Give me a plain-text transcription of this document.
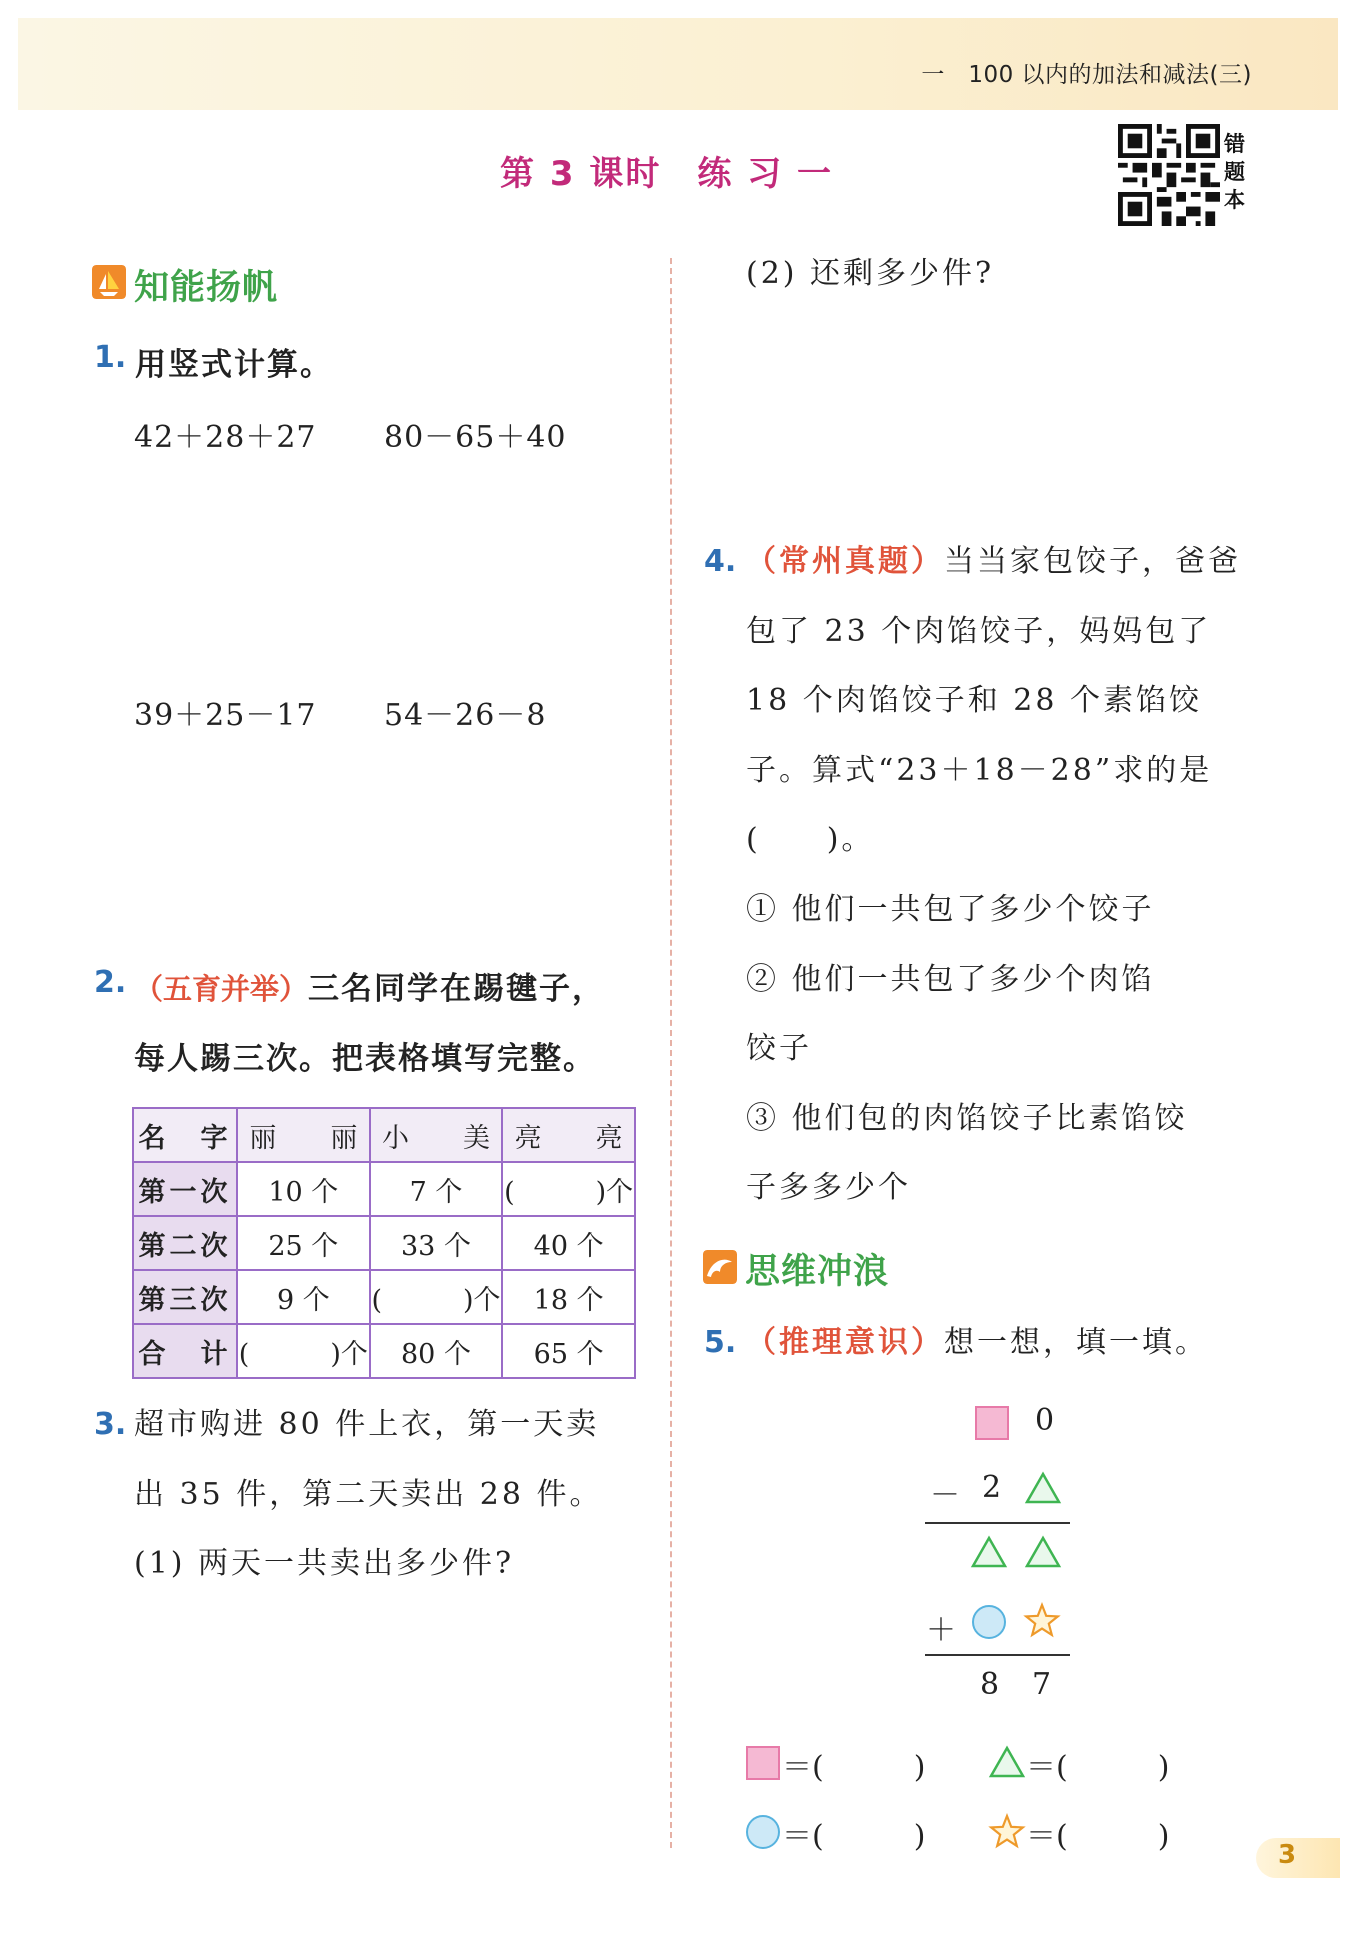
一　100 以内的加法和减法(三)
第 3 课时　练 习 一
错
题
本
知能扬帆
1. 用竖式计算。
42＋28＋27 80－65＋40
39＋25－17 54－26－8
2. （五育并举）三名同学在踢毽子，
每人踢三次。把表格填写完整。
名　字	丽　　丽	小　　美	亮　　亮
第一次	10 个	7 个	(　　　)个
第二次	25 个	33 个	40 个
第三次	9 个	(　　　)个	18 个
合　计	(　　　)个	80 个	65 个
3. 超市购进 80 件上衣，第一天卖
出 35 件，第二天卖出 28 件。
(1) 两天一共卖出多少件?
(2) 还剩多少件?
4. （常州真题）当当家包饺子，爸爸
包了 23 个肉馅饺子，妈妈包了
18 个肉馅饺子和 28 个素馅饺
子。算式“23＋18－28”求的是
(　　)。
① 他们一共包了多少个饺子
② 他们一共包了多少个肉馅
饺子
③ 他们包的肉馅饺子比素馅饺
子多多少个
思维冲浪
5. （推理意识）想一想，填一填。
0
－ 2
＋
8 7
＝(　　　)	＝(　　　)
＝(　　　)	＝(　　　)
3
